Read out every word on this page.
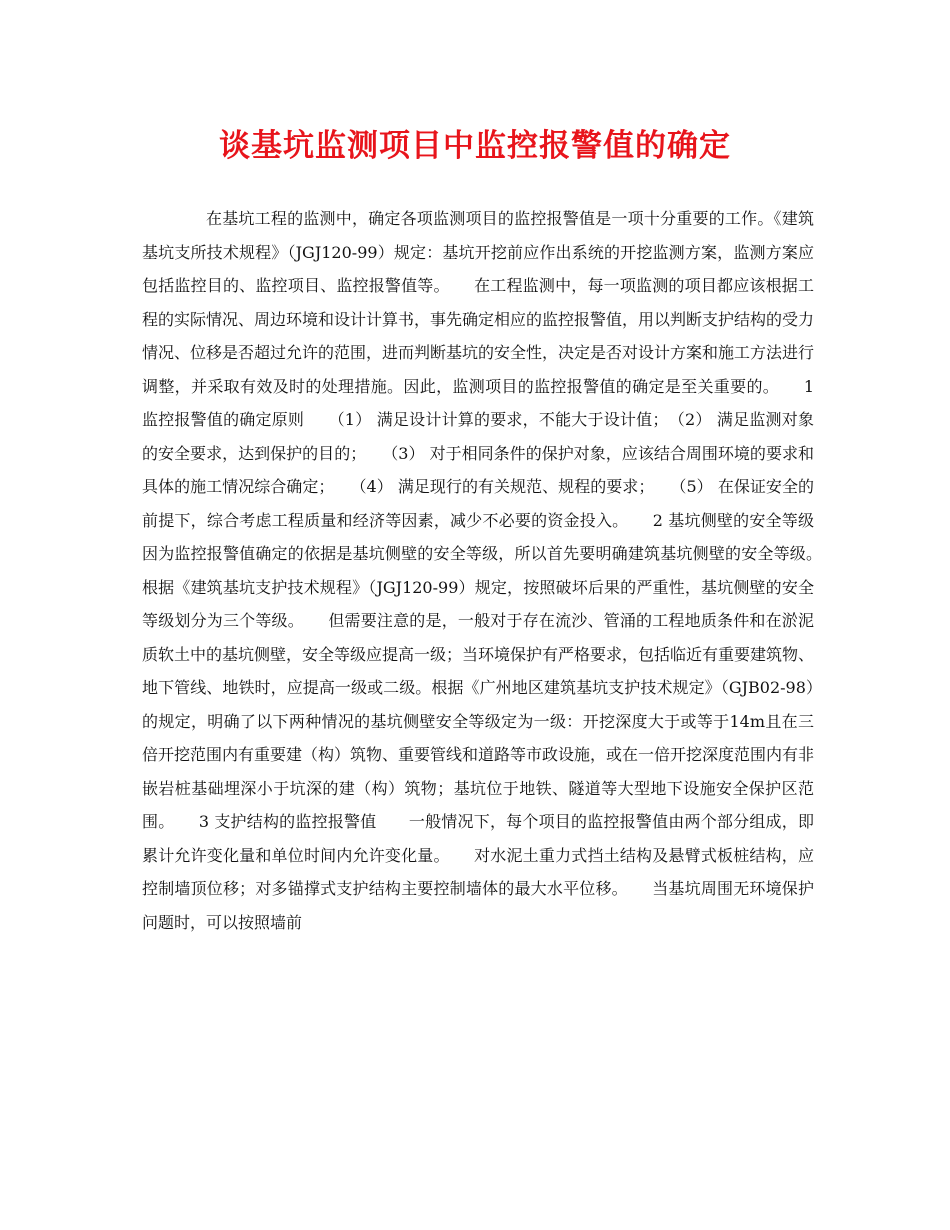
谈基坑监测项目中监控报警值的确定
在基坑工程的监测中，确定各项监测项目的监控报警值是一项十分重要的工作。《建筑基坑支所技术规程》（JGJ120-99）规定：基坑开挖前应作出系统的开挖监测方案，监测方案应包括监控目的、监控项目、监控报警值等。　　在工程监测中，每一项监测的项目都应该根据工程的实际情况、周边环境和设计计算书，事先确定相应的监控报警值，用以判断支护结构的受力情况、位移是否超过允许的范围，进而判断基坑的安全性，决定是否对设计方案和施工方法进行调整，并采取有效及时的处理措施。因此，监测项目的监控报警值的确定是至关重要的。　　1 监控报警值的确定原则　　（1） 满足设计计算的要求，不能大于设计值；　（2） 满足监测对象的安全要求，达到保护的目的；　　（3） 对于相同条件的保护对象，应该结合周围环境的要求和具体的施工情况综合确定；　　（4） 满足现行的有关规范、规程的要求；　　（5） 在保证安全的前提下，综合考虑工程质量和经济等因素，减少不必要的资金投入。　　2 基坑侧壁的安全等级　　因为监控报警值确定的依据是基坑侧壁的安全等级，所以首先要明确建筑基坑侧壁的安全等级。　　根据《建筑基坑支护技术规程》（JGJ120-99）规定，按照破坏后果的严重性，基坑侧壁的安全等级划分为三个等级。　　但需要注意的是，一般对于存在流沙、管涌的工程地质条件和在淤泥质软土中的基坑侧壁，安全等级应提高一级；当环境保护有严格要求，包括临近有重要建筑物、地下管线、地铁时，应提高一级或二级。根据《广州地区建筑基坑支护技术规定》（GJB02-98）的规定，明确了以下两种情况的基坑侧壁安全等级定为一级：开挖深度大于或等于14m且在三倍开挖范围内有重要建（构）筑物、重要管线和道路等市政设施，或在一倍开挖深度范围内有非嵌岩桩基础埋深小于坑深的建（构）筑物；基坑位于地铁、隧道等大型地下设施安全保护区范围。　　3 支护结构的监控报警值　　一般情况下，每个项目的监控报警值由两个部分组成，即累计允许变化量和单位时间内允许变化量。　　对水泥土重力式挡土结构及悬臂式板桩结构，应控制墙顶位移；对多锚撑式支护结构主要控制墙体的最大水平位移。　　当基坑周围无环境保护问题时，可以按照墙前
